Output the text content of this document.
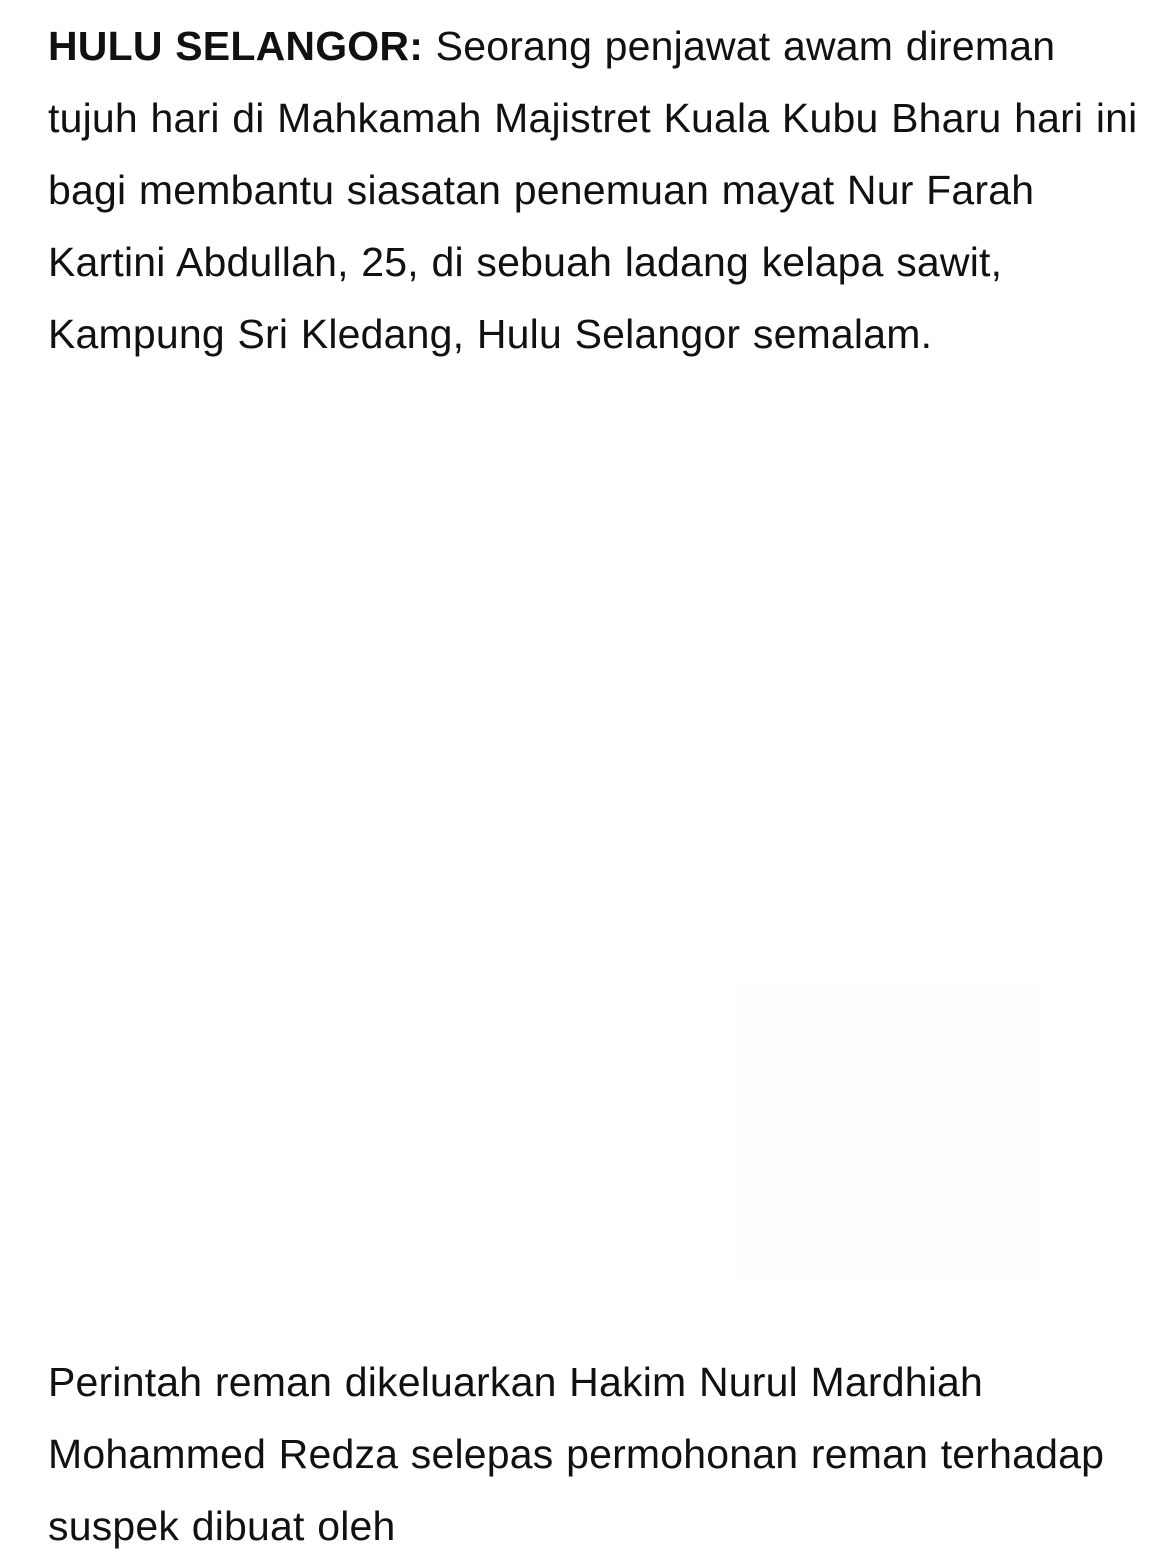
HULU SELANGOR: Seorang penjawat awam direman tujuh hari di Mahkamah Majistret Kuala Kubu Bharu hari ini bagi membantu siasatan penemuan mayat Nur Farah Kartini Abdullah, 25, di sebuah ladang kelapa sawit, Kampung Sri Kledang, Hulu Selangor semalam.

Perintah reman dikeluarkan Hakim Nurul Mardhiah Mohammed Redza selepas permohonan reman terhadap suspek dibuat oleh
